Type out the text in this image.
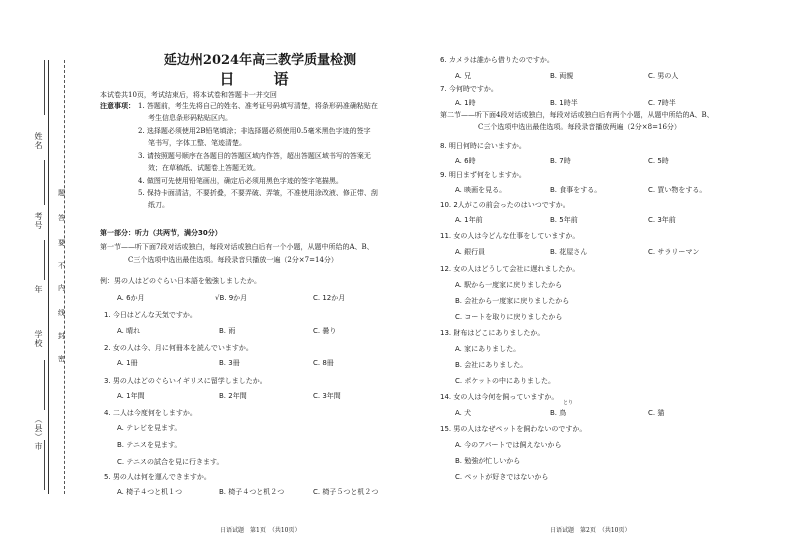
姓名
考号
年
学校
（县）市
题
答
要
不
内
线
封
密
延边州2024年高三教学质量检测
日　语
本试卷共10页，考试结束后，将本试卷和答题卡一并交回
注意事项： 1. 答题前，考生先将自己的姓名、准考证号码填写清楚，将条形码准确粘贴在
考生信息条形码粘贴区内。
2. 选择题必须使用2B铅笔填涂；非选择题必须使用0.5毫米黑色字迹的签字
笔书写，字体工整、笔迹清楚。
3. 请按照题号顺序在各题目的答题区域内作答，超出答题区域书写的答案无
效；在草稿纸、试题卷上答题无效。
4. 做图可先使用铅笔画出，确定后必须用黑色字迹的签字笔描黑。
5. 保持卡面清洁，不要折叠，不要弄破、弄皱，不准使用涂改液、修正带、刮
纸刀。
第一部分：听力（共两节，满分30分）
第一节——听下面7段对话或独白，每段对话或独白后有一个小题，从题中所给的A、B、
C三个选项中选出最佳选项。每段录音只播放一遍（2分×7=14分）
例：男の人はどのぐらい日本語を勉強しましたか。
A. 6か月	√B. 9か月	C. 12か月
1. 今日はどんな天気ですか。
A. 晴れ	B. 雨	C. 曇り
2. 女の人は今、月に何冊本を読んでいますか。
A. 1冊	B. 3冊	C. 8冊
3. 男の人はどのぐらいイギリスに留学しましたか。
A. 1年間	B. 2年間	C. 3年間
4. 二人は今度何をしますか。
A. テレビを見ます。
B. テニスを見ます。
C. テニスの試合を見に行きます。
5. 男の人は何を運んできますか。
A. 椅子４つと机１つ	B. 椅子４つと机２つ	C. 椅子５つと机２つ
日语试题　第1页　（共10页）
6. カメラは誰から借りたのですか。
A. 兄	B. 両親	C. 男の人
7. 今何時ですか。
A. 1時	B. 1時半	C. 7時半
第二节——听下面4段对话或独白，每段对话或独白后有两个小题，从题中所给的A、B、
C三个选项中选出最佳选项。每段录音播放两遍（2分×8=16分）
8. 明日何時に会いますか。
A. 6時	B. 7時	C. 5時
9. 明日まず何をしますか。
A. 映画を見る。	B. 食事をする。	C. 買い物をする。
10. 2人がこの前会ったのはいつですか。
A. 1年前	B. 5年前	C. 3年前
11. 女の人は今どんな仕事をしていますか。
A. 銀行員	B. 花屋さん	C. サラリーマン
12. 女の人はどうして会社に遅れましたか。
A. 駅から一度家に戻りましたから
B. 会社から一度家に戻りましたから
C. コートを取りに戻りましたから
13. 財布はどこにありましたか。
A. 家にありました。
B. 会社にありました。
C. ポケットの中にありました。
14. 女の人は今何を飼っていますか。
とり
A. 犬	B. 鳥	C. 猫
15. 男の人はなぜペットを飼わないのですか。
A. 今のアパートでは飼えないから
B. 勉強が忙しいから
C. ペットが好きではないから
日语试题　第2页　（共10页）
